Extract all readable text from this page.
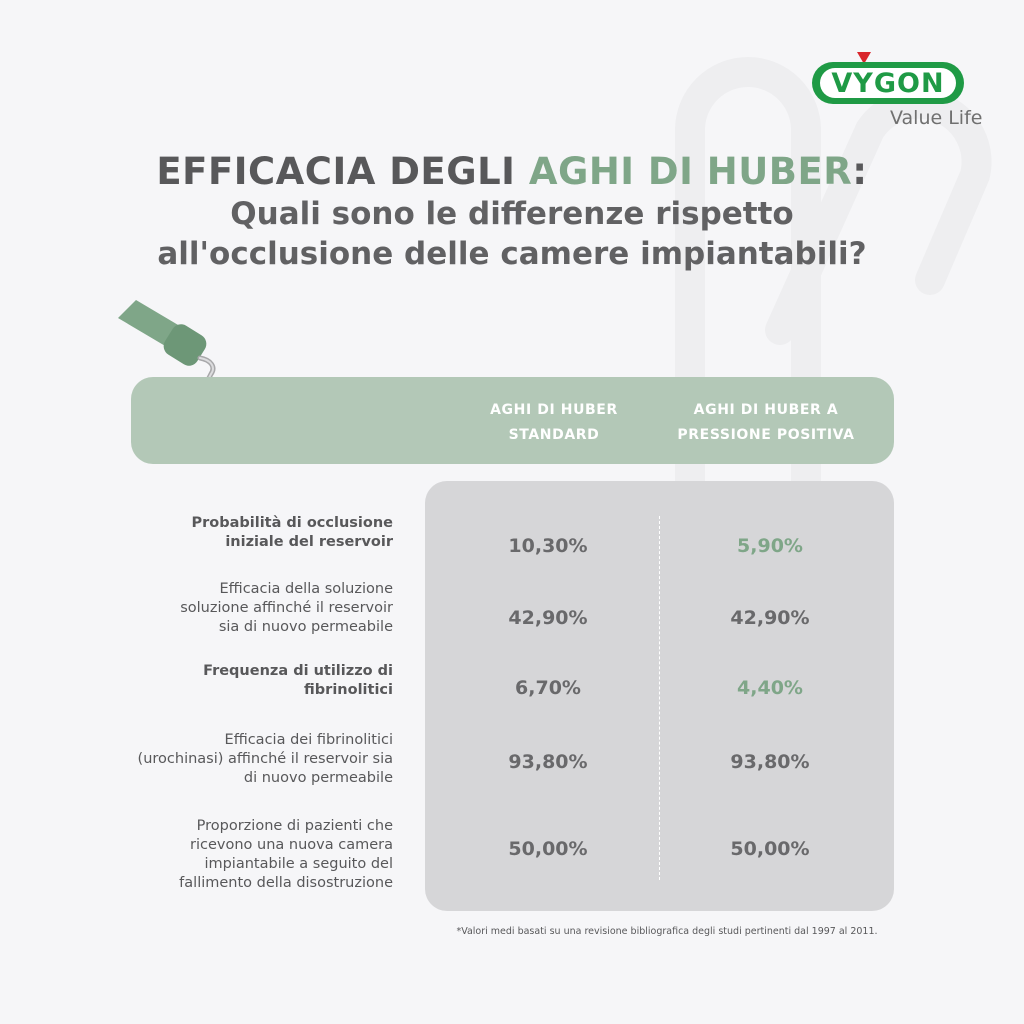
VYGON
Value Life
EFFICACIA DEGLI AGHI DI HUBER:
Quali sono le differenze rispetto
all'occlusione delle camere impiantabili?
AGHI DI HUBER
STANDARD
AGHI DI HUBER A
PRESSIONE POSITIVA
Probabilità di occlusione
iniziale del reservoir	10,30%	5,90%
Efficacia della soluzione
soluzione affinché il reservoir
sia di nuovo permeabile	42,90%	42,90%
Frequenza di utilizzo di
fibrinolitici	6,70%	4,40%
Efficacia dei fibrinolitici
(urochinasi) affinché il reservoir sia
di nuovo permeabile
93,80%	93,80%
Proporzione di pazienti che
ricevono una nuova camera
impiantabile a seguito del
fallimento della disostruzione
50,00%	50,00%
*Valori medi basati su una revisione bibliografica degli studi pertinenti dal 1997 al 2011.
